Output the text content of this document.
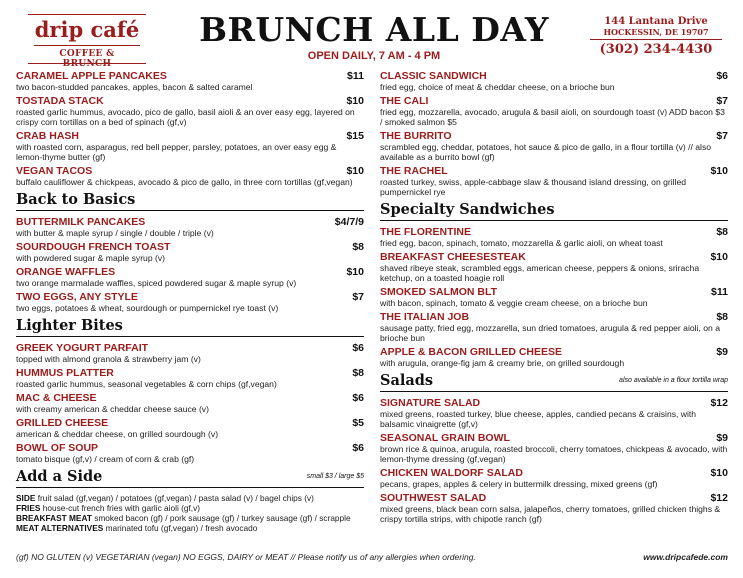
drip café
COFFEE & BRUNCH
BRUNCH ALL DAY
OPEN DAILY, 7 AM - 4 PM
144 Lantana Drive
HOCKESSIN, DE 19707
(302) 234-4430
CARAMEL APPLE PANCAKES	$11
two bacon-studded pancakes, apples, bacon & salted caramel
TOSTADA STACK	$10
roasted garlic hummus, avocado, pico de gallo, basil aioli & an over easy egg, layered on crispy corn tortillas on a bed of spinach (gf,v)
CRAB HASH	$15
with roasted corn, asparagus, red bell pepper, parsley, potatoes, an over easy egg & lemon-thyme butter (gf)
VEGAN TACOS	$10
buffalo cauliflower & chickpeas, avocado & pico de gallo, in three corn tortillas (gf,vegan)
Back to Basics
BUTTERMILK PANCAKES	$4/7/9
with butter & maple syrup / single / double / triple (v)
SOURDOUGH FRENCH TOAST	$8
with powdered sugar & maple syrup (v)
ORANGE WAFFLES	$10
two orange marmalade waffles, spiced powdered sugar & maple syrup (v)
TWO EGGS, ANY STYLE	$7
two eggs, potatoes & wheat, sourdough or pumpernickel rye toast (v)
Lighter Bites
GREEK YOGURT PARFAIT	$6
topped with almond granola & strawberry jam (v)
HUMMUS PLATTER	$8
roasted garlic hummus, seasonal vegetables & corn chips (gf,vegan)
MAC & CHEESE	$6
with creamy american & cheddar cheese sauce (v)
GRILLED CHEESE	$5
american & cheddar cheese, on grilled sourdough (v)
BOWL OF SOUP	$6
tomato bisque (gf,v) / cream of corn & crab (gf)
Add a Side	small $3 / large $5
SIDE fruit salad (gf,vegan) / potatoes (gf,vegan) / pasta salad (v) / bagel chips (v)
FRIES house-cut french fries with garlic aioli (gf,v)
BREAKFAST MEAT smoked bacon (gf) / pork sausage (gf) / turkey sausage (gf) / scrapple
MEAT ALTERNATIVES marinated tofu (gf,vegan) / fresh avocado
CLASSIC SANDWICH	$6
fried egg, choice of meat & cheddar cheese, on a brioche bun
THE CALI	$7
fried egg, mozzarella, avocado, arugula & basil aioli, on sourdough toast (v) ADD bacon $3 / smoked salmon $5
THE BURRITO	$7
scrambled egg, cheddar, potatoes, hot sauce & pico de gallo, in a flour tortilla (v) // also available as a burrito bowl (gf)
THE RACHEL	$10
roasted turkey, swiss, apple-cabbage slaw & thousand island dressing, on grilled pumpernickel rye
Specialty Sandwiches
THE FLORENTINE	$8
fried egg, bacon, spinach, tomato, mozzarella & garlic aioli, on wheat toast
BREAKFAST CHEESESTEAK	$10
shaved ribeye steak, scrambled eggs, american cheese, peppers & onions, sriracha ketchup, on a toasted hoagie roll
SMOKED SALMON BLT	$11
with bacon, spinach, tomato & veggie cream cheese, on a brioche bun
THE ITALIAN JOB	$8
sausage patty, fried egg, mozzarella, sun dried tomatoes, arugula & red pepper aioli, on a brioche bun
APPLE & BACON GRILLED CHEESE	$9
with arugula, orange-fig jam & creamy brie, on grilled sourdough
Salads	also available in a flour tortilla wrap
SIGNATURE SALAD	$12
mixed greens, roasted turkey, blue cheese, apples, candied pecans & craisins, with balsamic vinaigrette (gf,v)
SEASONAL GRAIN BOWL	$9
brown rice & quinoa, arugula, roasted broccoli, cherry tomatoes, chickpeas & avocado, with lemon-thyme dressing (gf,vegan)
CHICKEN WALDORF SALAD	$10
pecans, grapes, apples & celery in buttermilk dressing, mixed greens (gf)
SOUTHWEST SALAD	$12
mixed greens, black bean corn salsa, jalapeños, cherry tomatoes, grilled chicken thighs & crispy tortilla strips, with chipotle ranch (gf)
(gf) NO GLUTEN (v) VEGETARIAN (vegan) NO EGGS, DAIRY or MEAT // Please notify us of any allergies when ordering.	www.dripcafede.com
